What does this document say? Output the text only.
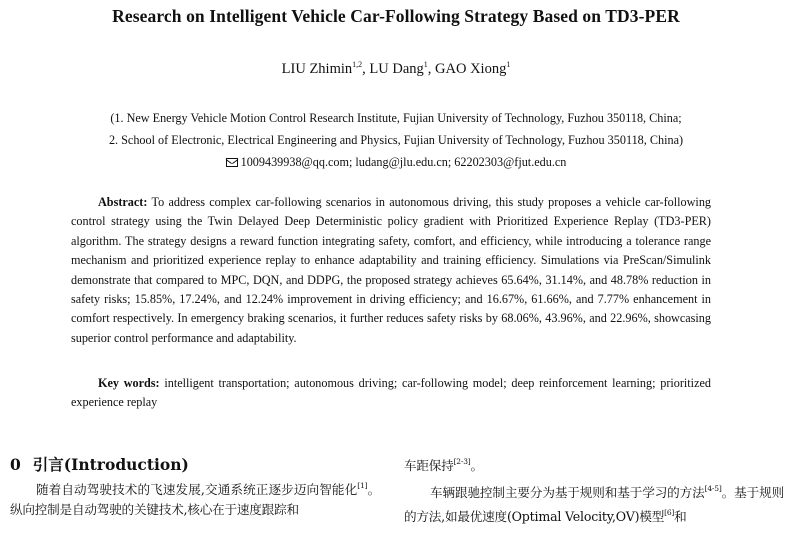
Research on Intelligent Vehicle Car-Following Strategy Based on TD3-PER
LIU Zhimin$^{1,2}$, LU Dang$^1$, GAO Xiong$^1$
(1. New Energy Vehicle Motion Control Research Institute, Fujian University of Technology, Fuzhou 350118, China;
2. School of Electronic, Electrical Engineering and Physics, Fujian University of Technology, Fuzhou 350118, China)
1009439938@qq.com; ludang@jlu.edu.cn; 62202303@fjut.edu.cn
Abstract: To address complex car-following scenarios in autonomous driving, this study proposes a vehicle car-following control strategy using the Twin Delayed Deep Deterministic policy gradient with Prioritized Experience Replay (TD3-PER) algorithm. The strategy designs a reward function integrating safety, comfort, and efficiency, while introducing a tolerance range mechanism and prioritized experience replay to enhance adaptability and training efficiency. Simulations via PreScan/Simulink demonstrate that compared to MPC, DQN, and DDPG, the proposed strategy achieves 65.64%, 31.14%, and 48.78% reduction in safety risks; 15.85%, 17.24%, and 12.24% improvement in driving efficiency; and 16.67%, 61.66%, and 7.77% enhancement in comfort respectively. In emergency braking scenarios, it further reduces safety risks by 68.06%, 43.96%, and 22.96%, showcasing superior control performance and adaptability.
Key words: intelligent transportation; autonomous driving; car-following model; deep reinforcement learning; prioritized experience replay
0 引言(Introduction)

随着自动驾驶技术的飞速发展,交通系统正逐步迈向智能化[1]。纵向控制是自动驾驶的关键技术,核心在于速度跟踪和

车距保持[2-3]。
车辆跟驰控制主要分为基于规则和基于学习的方法[4-5]。基于规则的方法,如最优速度(Optimal Velocity,OV)模型[6]和
